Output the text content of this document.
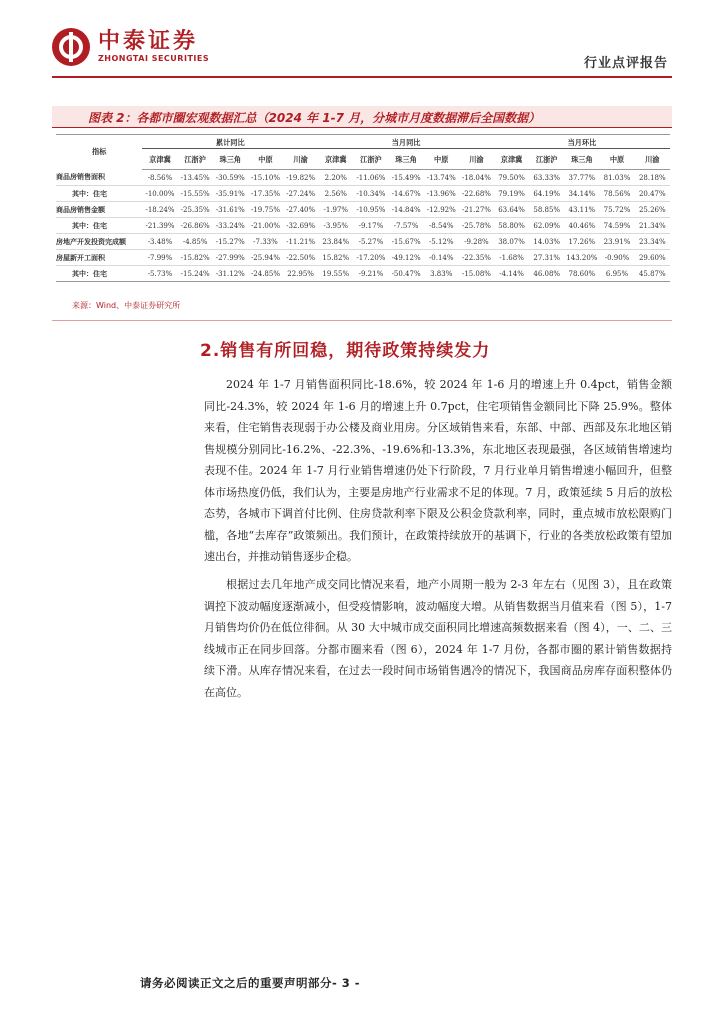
中泰证券
ZHONGTAI SECURITIES	行业点评报告
图表 2：各都市圈宏观数据汇总（2024 年 1-7 月，分城市月度数据滞后全国数据）
指标	累计同比					当月同比					当月环比				

	京津冀	江浙沪	珠三角	中原	川渝	京津冀	江浙沪	珠三角	中原	川渝	京津冀	江浙沪	珠三角	中原	川渝
商品房销售面积	-8.56%	-13.45%	-30.59%	-15.10%	-19.82%	2.20%	-11.06%	-15.49%	-13.74%	-18.04%	79.50%	63.33%	37.77%	81.03%	28.18%
其中：住宅	-10.00%	-15.55%	-35.91%	-17.35%	-27.24%	2.56%	-10.34%	-14.67%	-13.96%	-22.68%	79.19%	64.19%	34.14%	78.56%	20.47%
商品房销售金额	-18.24%	-25.35%	-31.61%	-19.75%	-27.40%	-1.97%	-10.95%	-14.84%	-12.92%	-21.27%	63.64%	58.85%	43.11%	75.72%	25.26%
其中：住宅	-21.39%	-26.86%	-33.24%	-21.00%	-32.69%	-3.95%	-9.17%	-7.57%	-8.54%	-25.78%	58.80%	62.09%	40.46%	74.59%	21.34%
房地产开发投资完成额	-3.48%	-4.85%	-15.27%	-7.33%	-11.21%	23.84%	-5.27%	-15.67%	-5.12%	-9.28%	38.07%	14.03%	17.26%	23.91%	23.34%
房屋新开工面积	-7.99%	-15.82%	-27.99%	-25.94%	-22.50%	15.82%	-17.20%	-49.12%	-0.14%	-22.35%	-1.68%	27.31%	143.20%	-0.90%	29.60%
其中：住宅	-5.73%	-15.24%	-31.12%	-24.85%	22.95%	19.55%	-9.21%	-50.47%	3.83%	-15.08%	-4.14%	46.08%	78.60%	6.95%	45.87%
来源：Wind、中泰证券研究所
2.销售有所回稳，期待政策持续发力

2024 年 1-7 月销售面积同比-18.6%，较 2024 年 1-6 月的增速上升 0.4pct，销售金额同比-24.3%，较 2024 年 1-6 月的增速上升 0.7pct，住宅项销售金额同比下降 25.9%。整体来看，住宅销售表现弱于办公楼及商业用房。分区域销售来看，东部、中部、西部及东北地区销售规模分别同比-16.2%、-22.3%、-19.6%和-13.3%，东北地区表现最强，各区域销售增速均表现不佳。2024 年 1-7 月行业销售增速仍处下行阶段，7 月行业单月销售增速小幅回升，但整体市场热度仍低，我们认为，主要是房地产行业需求不足的体现。7 月，政策延续 5 月后的放松态势，各城市下调首付比例、住房贷款利率下限及公积金贷款利率，同时，重点城市放松限购门槛，各地“去库存”政策频出。我们预计，在政策持续放开的基调下，行业的各类放松政策有望加速出台，并推动销售逐步企稳。

根据过去几年地产成交同比情况来看，地产小周期一般为 2-3 年左右（见图 3），且在政策调控下波动幅度逐渐减小，但受疫情影响，波动幅度大增。从销售数据当月值来看（图 5），1-7 月销售均价仍在低位徘徊。从 30 大中城市成交面积同比增速高频数据来看（图 4），一、二、三线城市正在同步回落。分都市圈来看（图 6），2024 年 1-7 月份，各都市圈的累计销售数据持续下滑。从库存情况来看，在过去一段时间市场销售遇冷的情况下，我国商品房库存面积整体仍在高位。

请务必阅读正文之后的重要声明部分- 3 -
